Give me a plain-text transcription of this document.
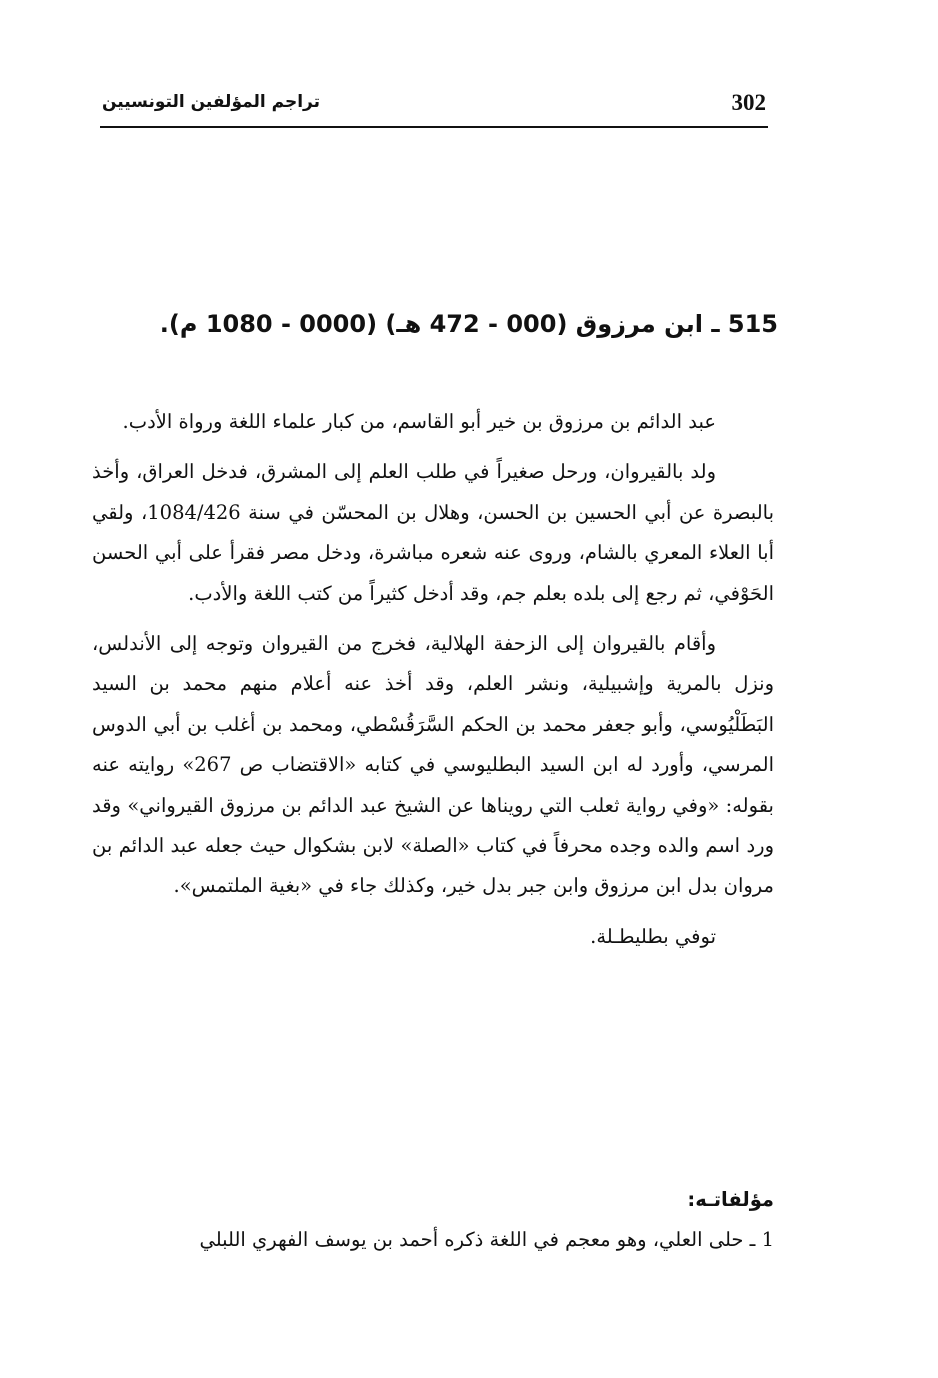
302
تراجم المؤلفين التونسيين
515 ـ ابن مرزوق (000 - 472 هـ) (0000 - 1080 م).

عبد الدائم بن مرزوق بن خير أبو القاسم، من كبار علماء اللغة ورواة الأدب.

ولد بالقيروان، ورحل صغيراً في طلب العلم إلى المشرق، فدخل العراق، وأخذ بالبصرة عن أبي الحسين بن الحسن، وهلال بن المحسّن في سنة 1084/426، ولقي أبا العلاء المعري بالشام، وروى عنه شعره مباشرة، ودخل مصر فقرأ على أبي الحسن الحَوْفي، ثم رجع إلى بلده بعلم جم، وقد أدخل كثيراً من كتب اللغة والأدب.

وأقام بالقيروان إلى الزحفة الهلالية، فخرج من القيروان وتوجه إلى الأندلس، ونزل بالمرية وإشبيلية، ونشر العلم، وقد أخذ عنه أعلام منهم محمد بن السيد البَطَلْيُوسي، وأبو جعفر محمد بن الحكم السَّرَقُسْطي، ومحمد بن أغلب بن أبي الدوس المرسي، وأورد له ابن السيد البطليوسي في كتابه «الاقتضاب ص 267» روايته عنه بقوله: «وفي رواية ثعلب التي رويناها عن الشيخ عبد الدائم بن مرزوق القيرواني» وقد ورد اسم والده وجده محرفاً في كتاب «الصلة» لابن بشكوال حيث جعله عبد الدائم بن مروان بدل ابن مرزوق وابن جبر بدل خير، وكذلك جاء في «بغية الملتمس».

توفي بطليطـلة.

مؤلفاتـه:

1 ـ حلى العلي، وهو معجم في اللغة ذكره أحمد بن يوسف الفهري اللبلي
